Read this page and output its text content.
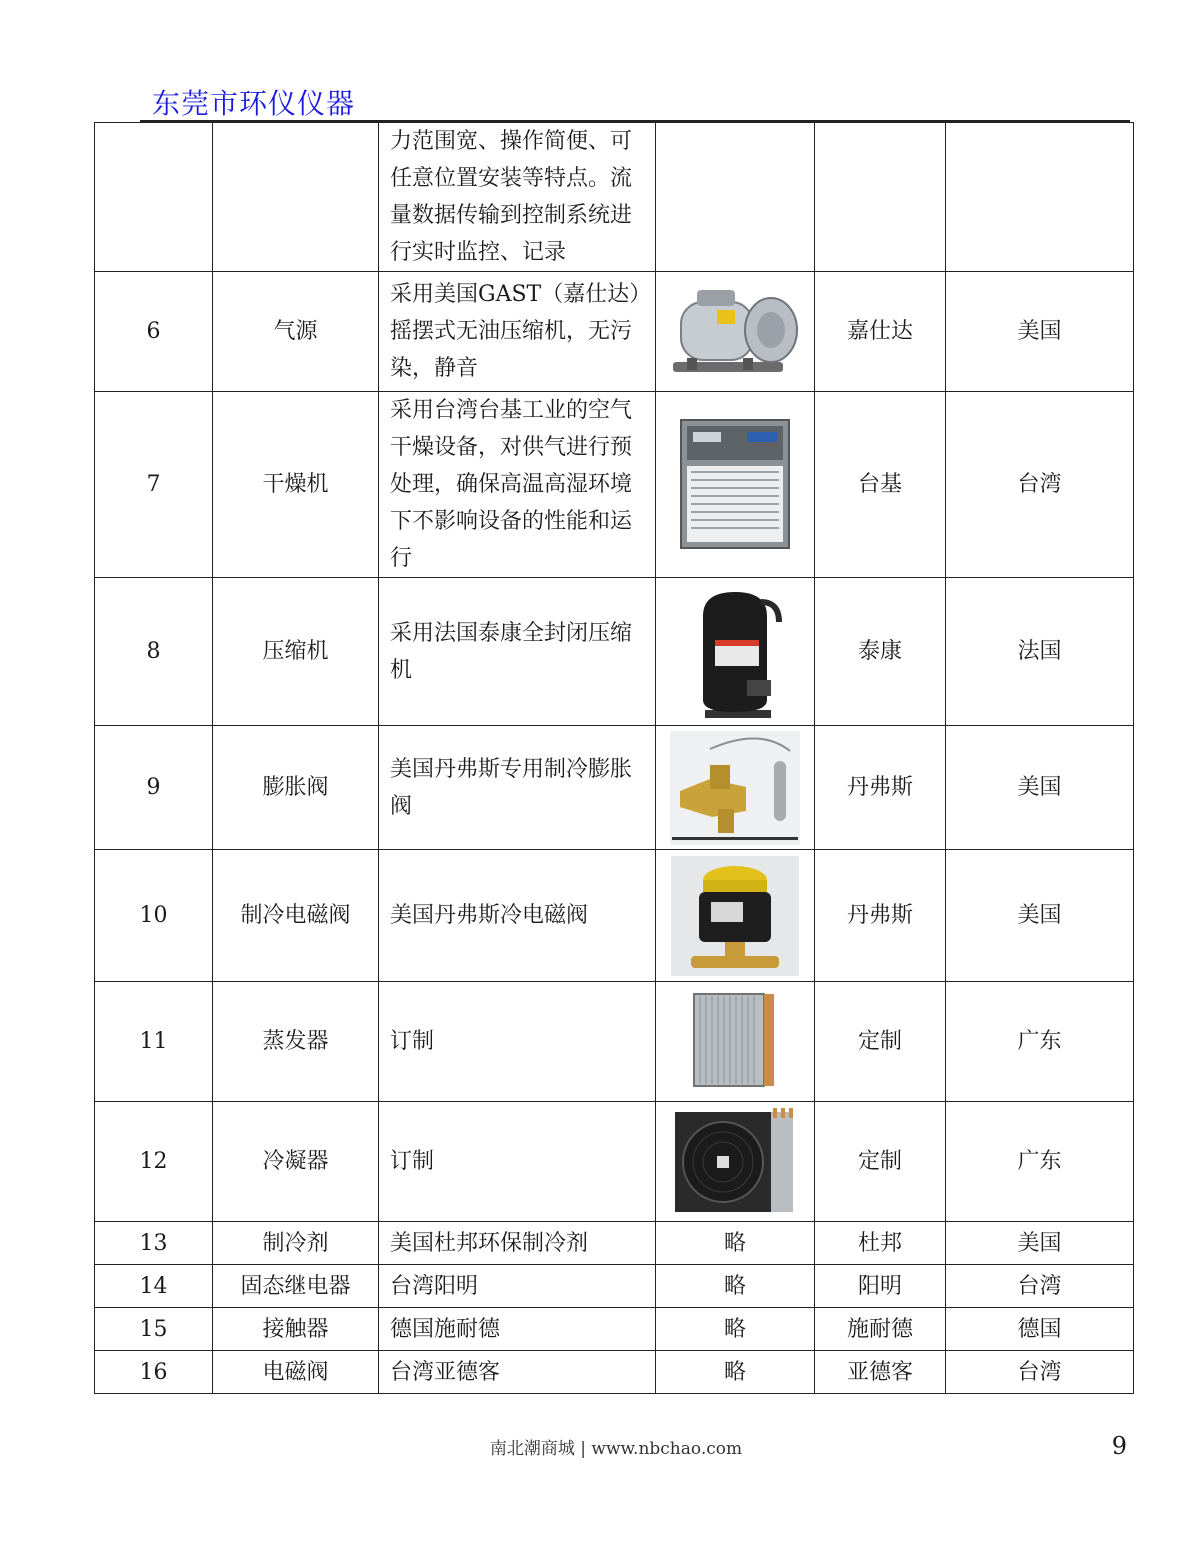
东莞市环仪仪器
		力范围宽、操作简便、可任意位置安装等特点。流量数据传输到控制系统进行实时监控、记录			
6	气源	采用美国GAST（嘉仕达）摇摆式无油压缩机，无污染，静音		嘉仕达	美国
7	干燥机	采用台湾台基工业的空气干燥设备，对供气进行预处理，确保高温高湿环境下不影响设备的性能和运行		台基	台湾
8	压缩机	采用法国泰康全封闭压缩机		泰康	法国
9	膨胀阀	美国丹弗斯专用制冷膨胀阀		丹弗斯	美国
10	制冷电磁阀	美国丹弗斯冷电磁阀		丹弗斯	美国
11	蒸发器	订制		定制	广东
12	冷凝器	订制		定制	广东
13	制冷剂	美国杜邦环保制冷剂	略	杜邦	美国
14	固态继电器	台湾阳明	略	阳明	台湾
15	接触器	德国施耐德	略	施耐德	德国
16	电磁阀	台湾亚德客	略	亚德客	台湾
南北潮商城 | www.nbchao.com	9
